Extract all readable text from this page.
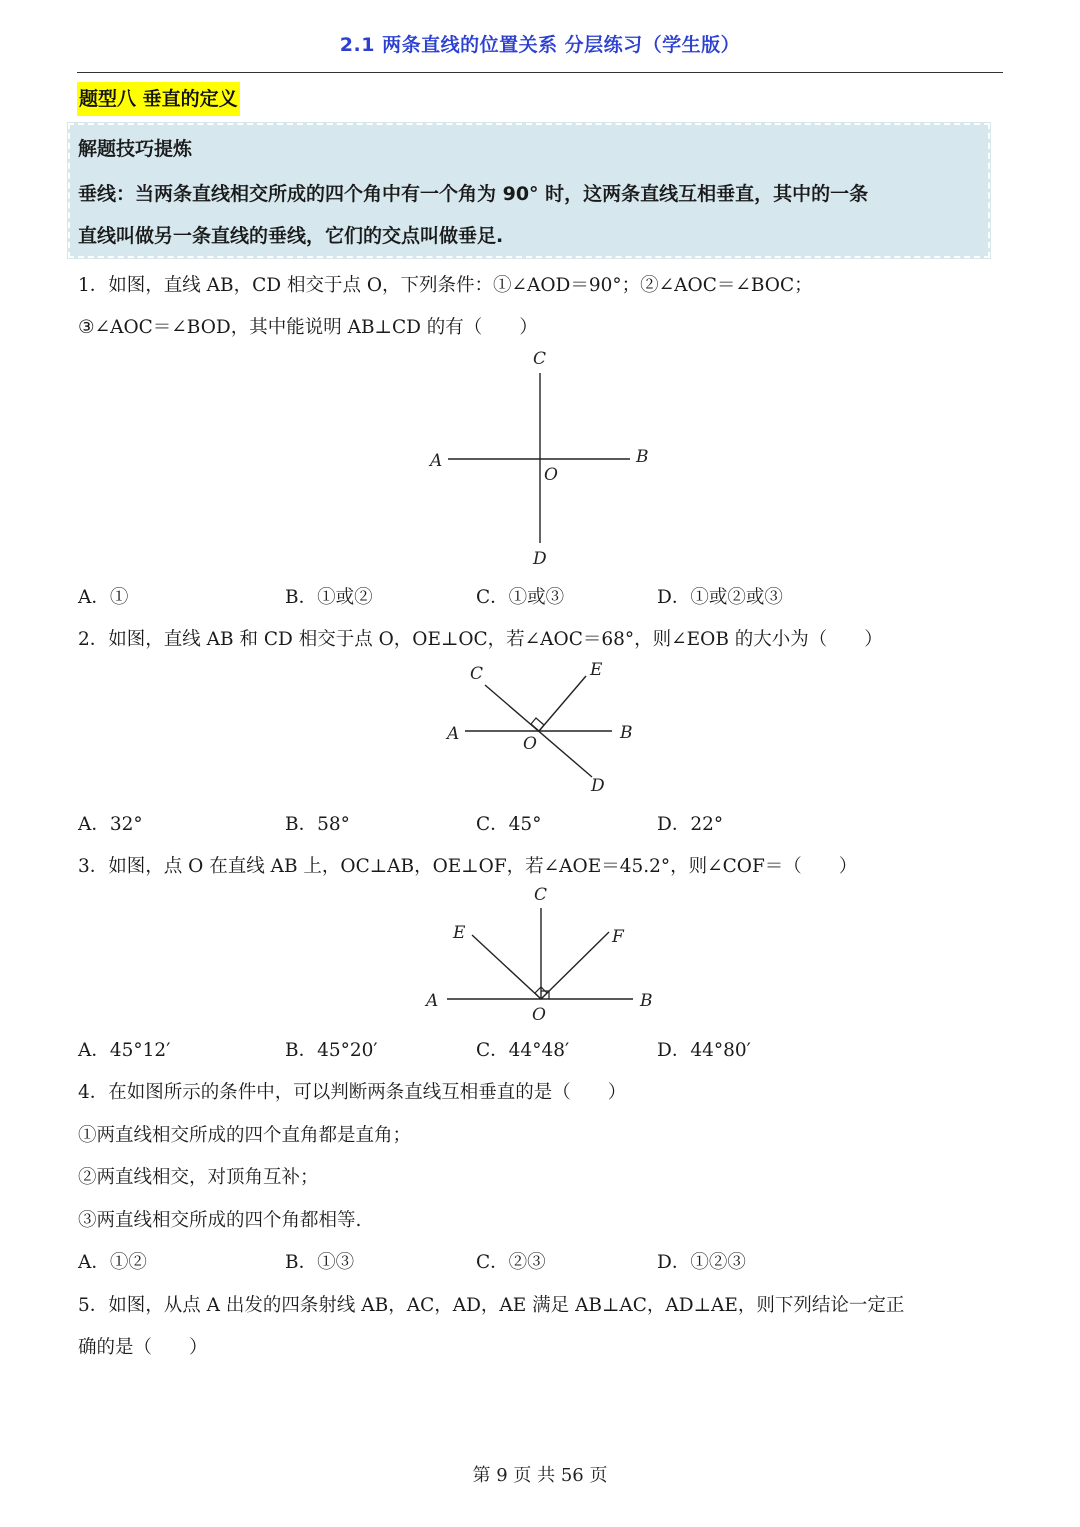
2.1 两条直线的位置关系 分层练习（学生版）
题型八 垂直的定义
解题技巧提炼
垂线：当两条直线相交所成的四个角中有一个角为 90° 时，这两条直线互相垂直，其中的一条
直线叫做另一条直线的垂线，它们的交点叫做垂足.
1．如图，直线 AB，CD 相交于点 O，下列条件：①∠AOD＝90°；②∠AOC＝∠BOC；
③∠AOC＝∠BOD，其中能说明 AB⊥CD 的有（　　）
C
A	B
O
D
A．①	B．①或②	C．①或③	D．①或②或③
2．如图，直线 AB 和 CD 相交于点 O，OE⊥OC，若∠AOC＝68°，则∠EOB 的大小为（　　）
C	E
A	B
O
D
A．32°	B．58°	C．45°	D．22°
3．如图，点 O 在直线 AB 上，OC⊥AB，OE⊥OF，若∠AOE＝45.2°，则∠COF＝（　　）
C
E	F
A	B
O
A．45°12′	B．45°20′	C．44°48′	D．44°80′
4．在如图所示的条件中，可以判断两条直线互相垂直的是（　　）
①两直线相交所成的四个直角都是直角；
②两直线相交，对顶角互补；
③两直线相交所成的四个角都相等.
A．①②	B．①③	C．②③	D．①②③
5．如图，从点 A 出发的四条射线 AB，AC，AD，AE 满足 AB⊥AC，AD⊥AE，则下列结论一定正
确的是（　　）
第 9 页 共 56 页
